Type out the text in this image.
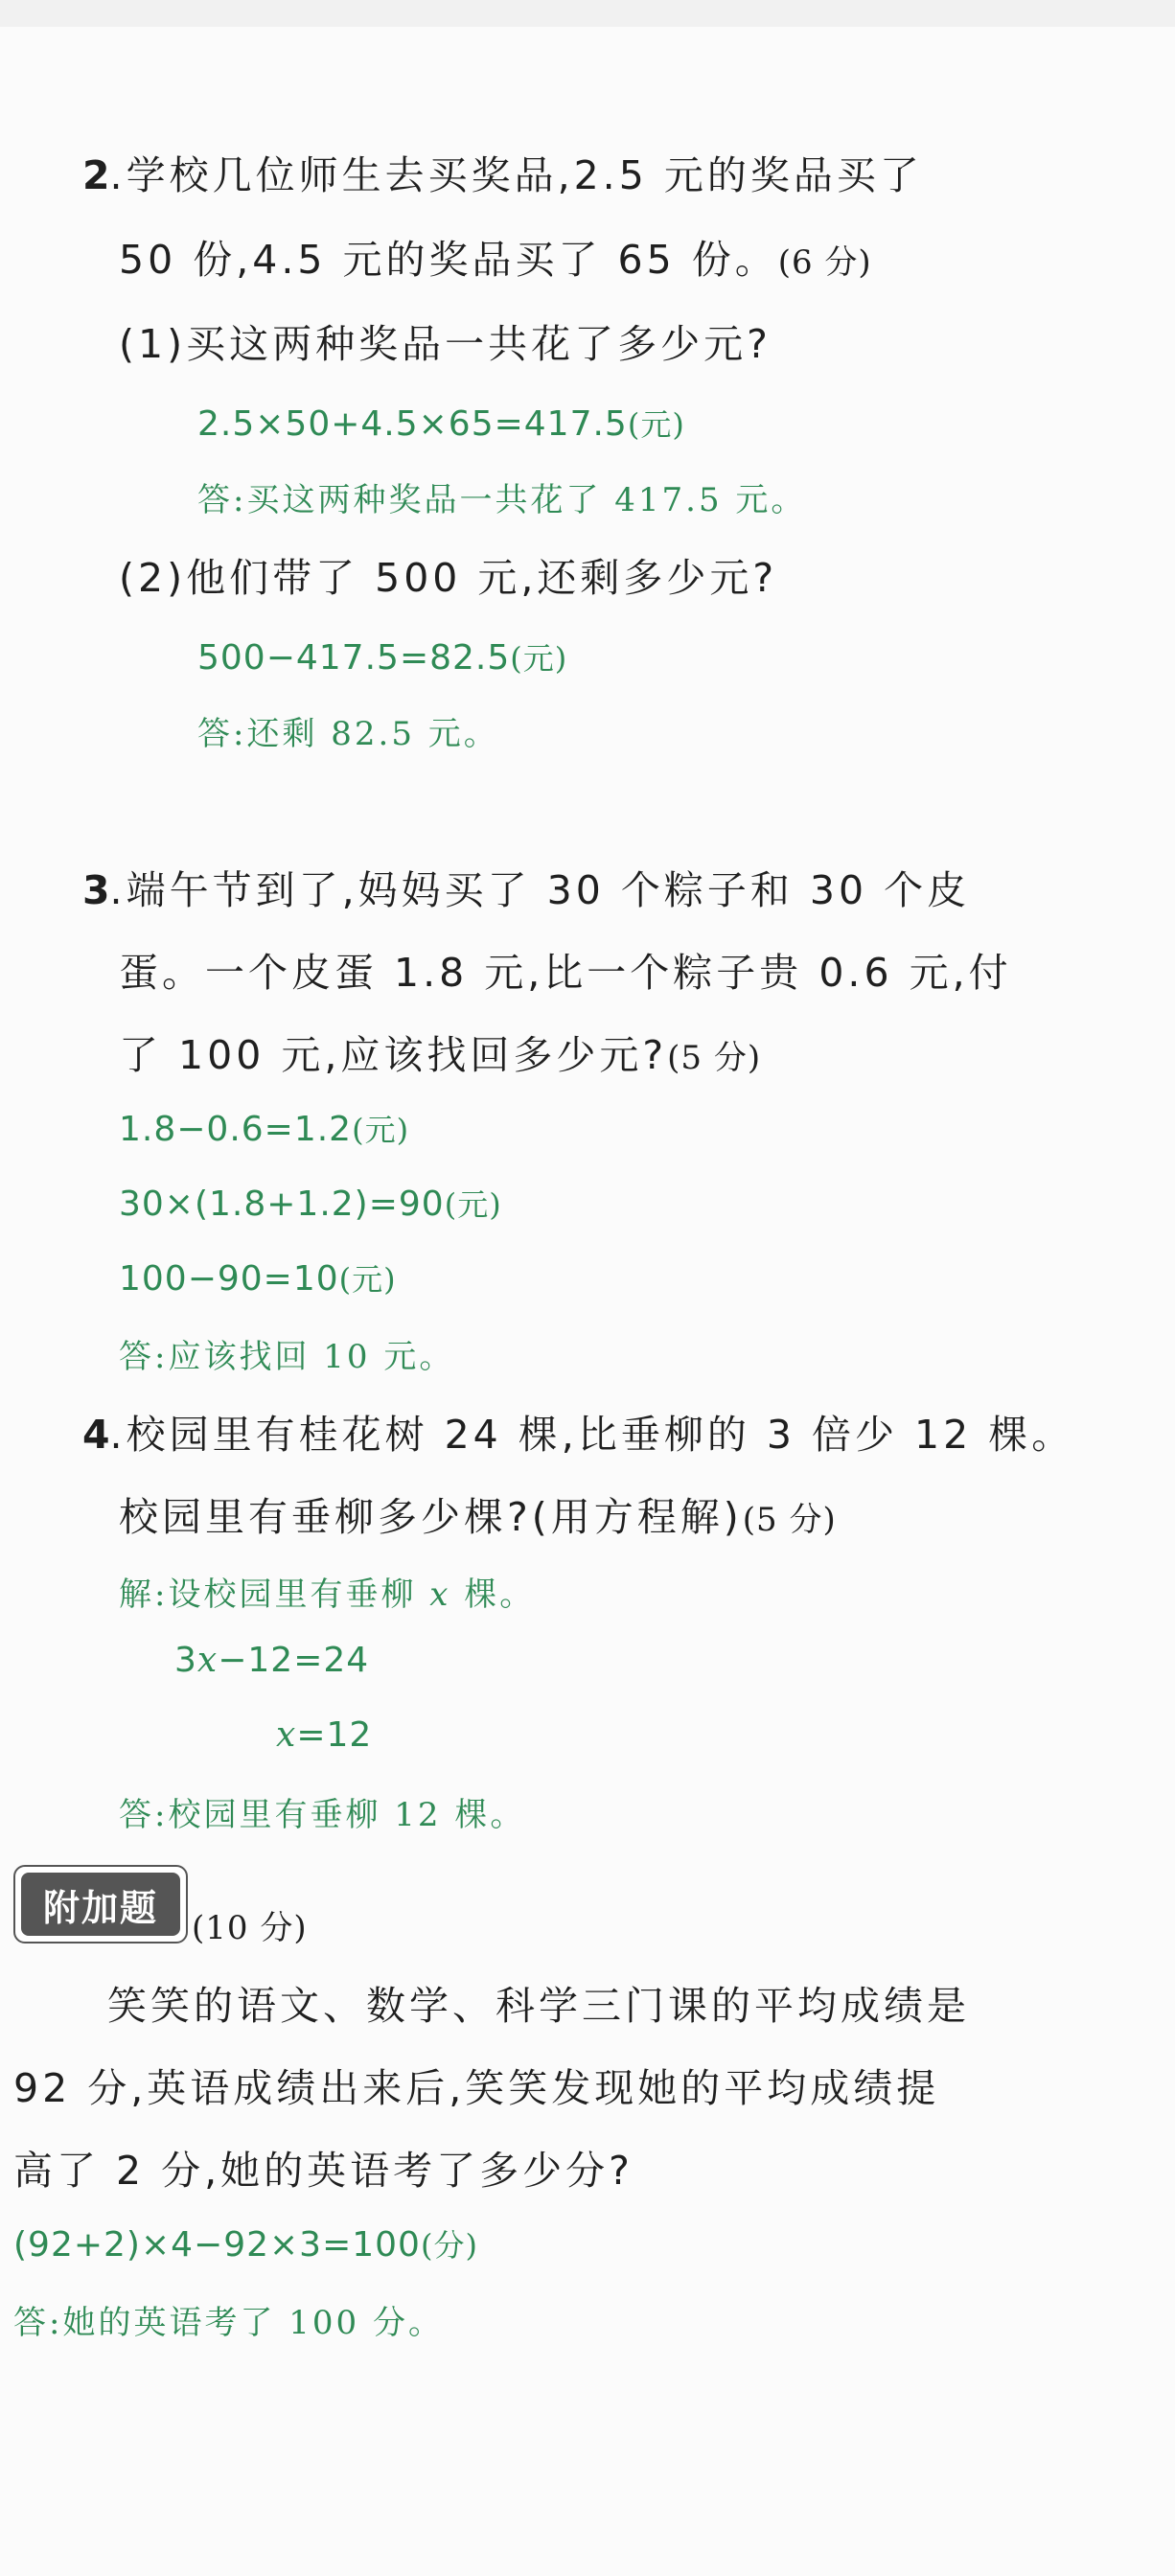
2.学校几位师生去买奖品,2.5 元的奖品买了
50 份,4.5 元的奖品买了 65 份。(6 分)
(1)买这两种奖品一共花了多少元?
2.5×50+4.5×65=417.5(元)
答:买这两种奖品一共花了 417.5 元。
(2)他们带了 500 元,还剩多少元?
500−417.5=82.5(元)
答:还剩 82.5 元。
3.端午节到了,妈妈买了 30 个粽子和 30 个皮
蛋。一个皮蛋 1.8 元,比一个粽子贵 0.6 元,付
了 100 元,应该找回多少元?(5 分)
1.8−0.6=1.2(元)
30×(1.8+1.2)=90(元)
100−90=10(元)
答:应该找回 10 元。
4.校园里有桂花树 24 棵,比垂柳的 3 倍少 12 棵。
校园里有垂柳多少棵?(用方程解)(5 分)
解:设校园里有垂柳 x 棵。
3x−12=24
x=12
答:校园里有垂柳 12 棵。
附加题	(10 分)
笑笑的语文、数学、科学三门课的平均成绩是
92 分,英语成绩出来后,笑笑发现她的平均成绩提
高了 2 分,她的英语考了多少分?
(92+2)×4−92×3=100(分)
答:她的英语考了 100 分。
